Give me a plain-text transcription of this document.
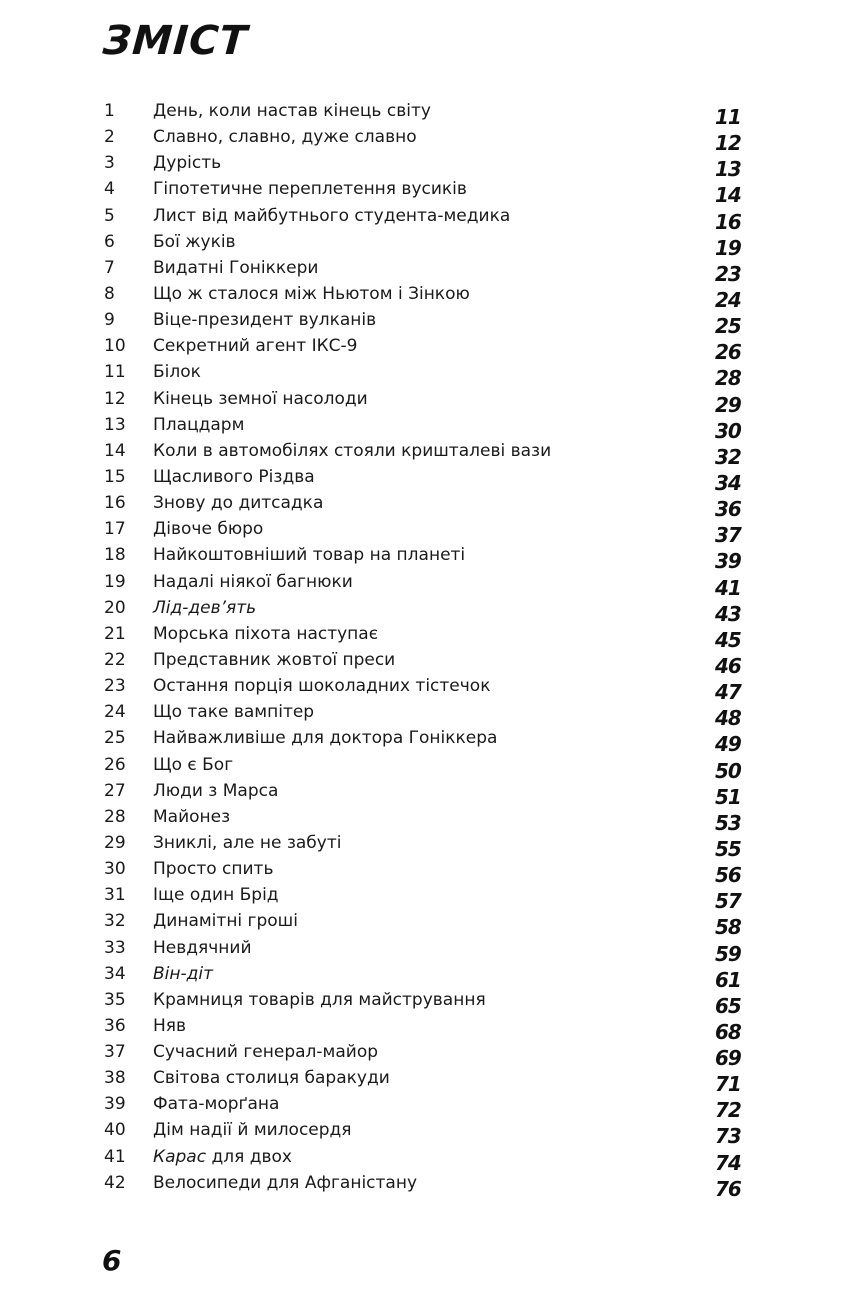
ЗМІСТ
1 День, коли настав кінець світу	11
2 Славно, славно, дуже славно	12
3 Дурість	13
4 Гіпотетичне переплетення вусиків	14
5 Лист від майбутнього студента-медика	16
6 Бої жуків	19
7 Видатні Гоніккери	23
8 Що ж сталося між Ньютом і Зінкою	24
9 Віце-президент вулканів	25
10 Секретний агент ІКС-9	26
11 Білок	28
12 Кінець земної насолоди	29
13 Плацдарм	30
14 Коли в автомобілях стояли кришталеві вази	32
15 Щасливого Різдва	34
16 Знову до дитсадка	36
17 Дівоче бюро	37
18 Найкоштовніший товар на планеті	39
19 Надалі ніякої багнюки	41
20 Лід-дев’ять	43
21 Морська піхота наступає	45
22 Представник жовтої преси	46
23 Остання порція шоколадних тістечок	47
24 Що таке вампітер	48
25 Найважливіше для доктора Гоніккера	49
26 Що є Бог	50
27 Люди з Марса	51
28 Майонез	53
29 Зниклі, але не забуті	55
30 Просто спить	56
31 Іще один Брід	57
32 Динамітні гроші	58
33 Невдячний	59
34 Він-діт	61
35 Крамниця товарів для майстрування	65
36 Няв	68
37 Сучасний генерал-майор	69
38 Світова столиця баракуди	71
39 Фата-морґана	72
40 Дім надії й милосердя	73
41 Карас для двох	74
42 Велосипеди для Афганістану	76
6
